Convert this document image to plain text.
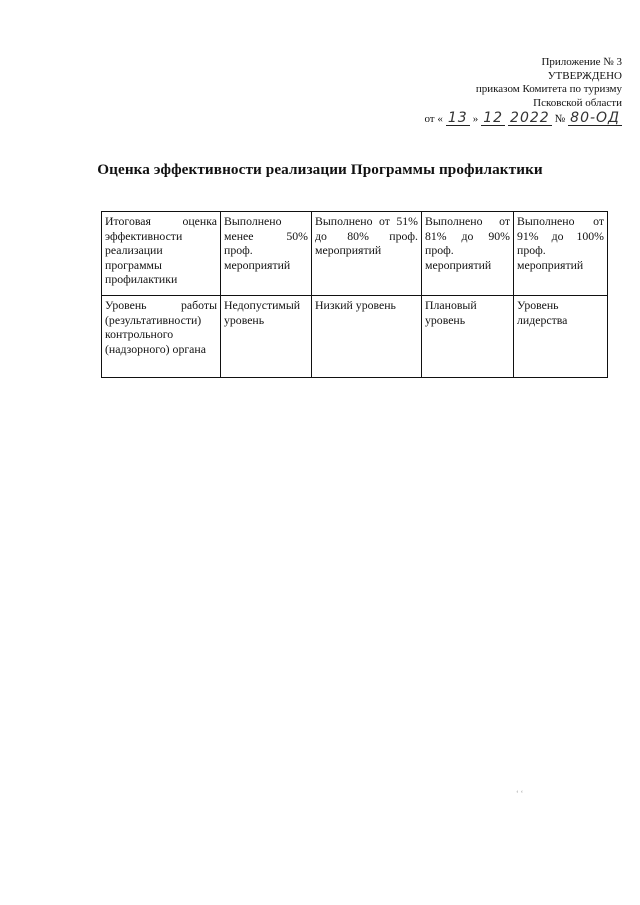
Приложение № 3
УТВЕРЖДЕНО
приказом Комитета по туризму
Псковской области
от « 13 » 12 2022 № 80-ОД
Оценка эффективности реализации Программы профилактики
Итоговая оценка эффективности реализации программы профилактики	Выполнено менее 50% проф. мероприятий	Выполнено от 51% до 80% проф. мероприятий	Выполнено от 81% до 90% проф. мероприятий	Выполнено от 91% до 100% проф. мероприятий
Уровень работы (результативности) контрольного (надзорного) органа	Недопустимый уровень	Низкий уровень	Плановый уровень	Уровень лидерства
‘ ‘
